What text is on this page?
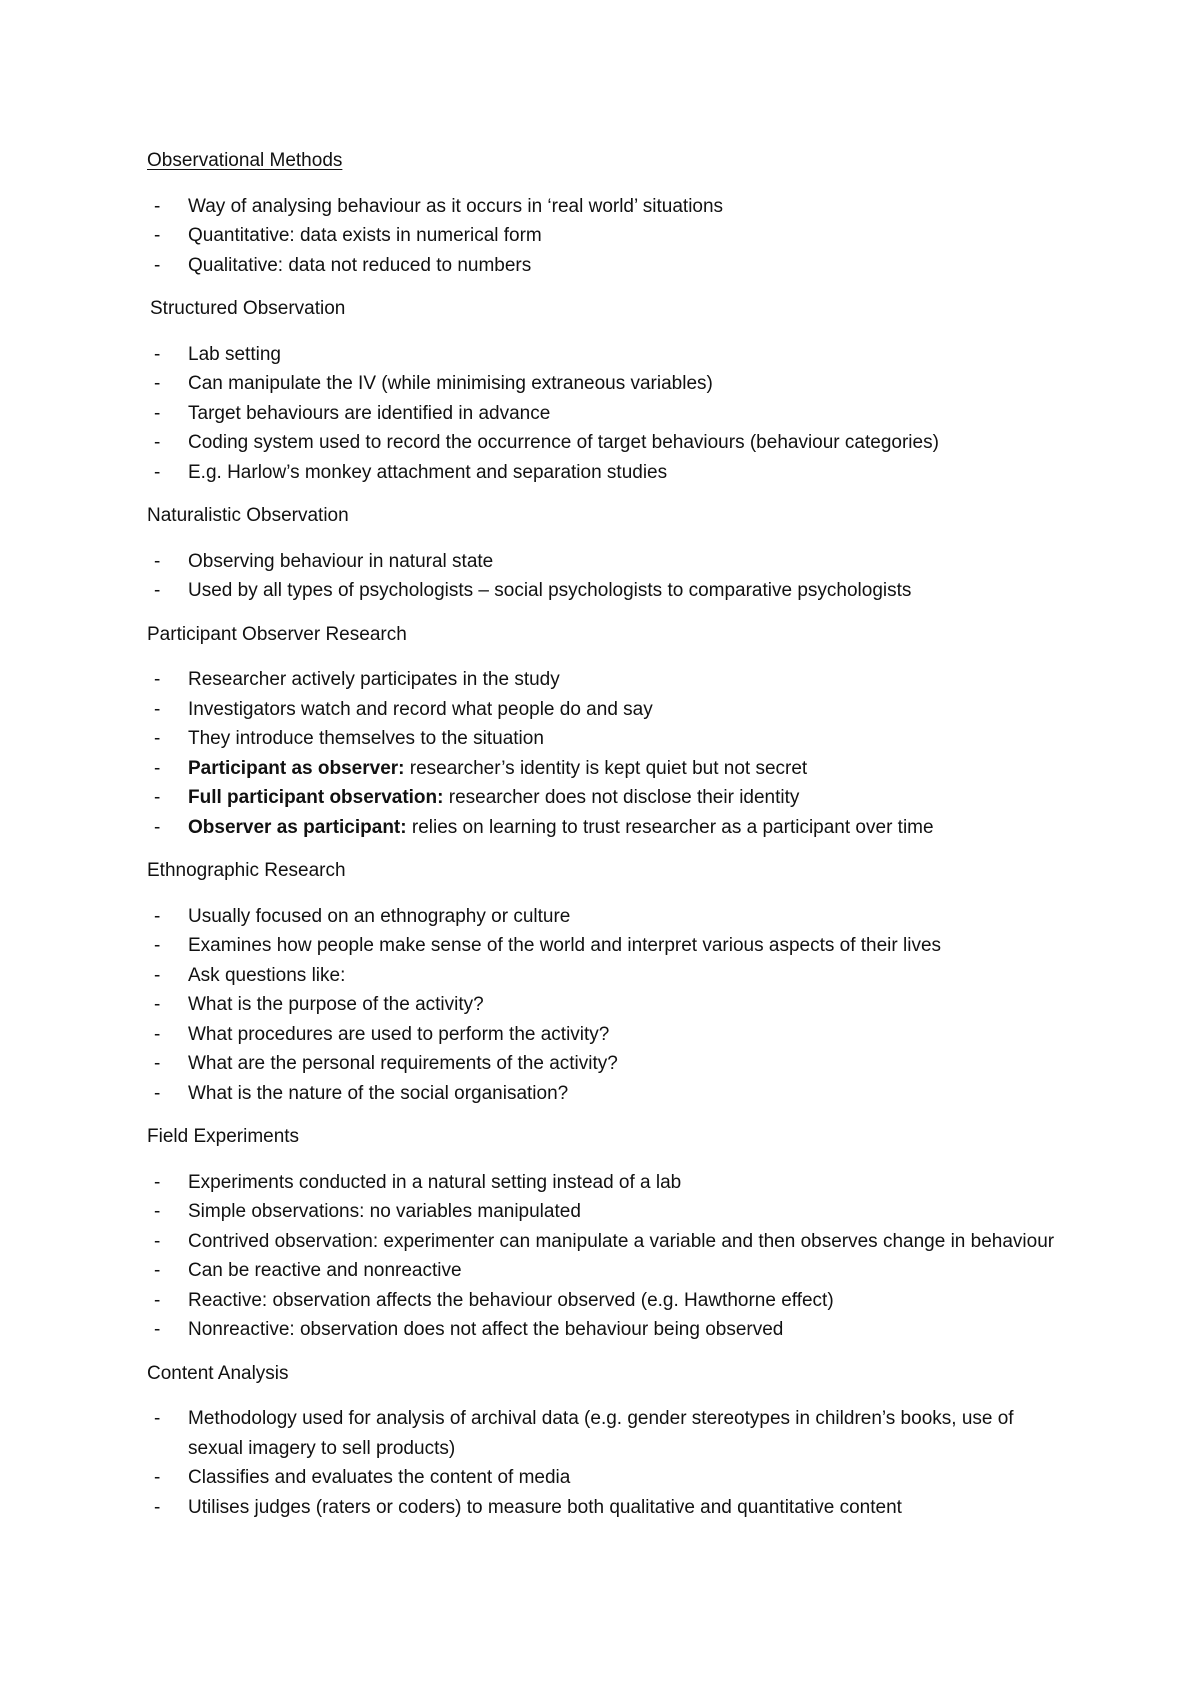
Observational Methods
- Way of analysing behaviour as it occurs in ‘real world’ situations
- Quantitative: data exists in numerical form
- Qualitative: data not reduced to numbers
Structured Observation
- Lab setting
- Can manipulate the IV (while minimising extraneous variables)
- Target behaviours are identified in advance
- Coding system used to record the occurrence of target behaviours (behaviour categories)
- E.g. Harlow’s monkey attachment and separation studies
Naturalistic Observation
- Observing behaviour in natural state
- Used by all types of psychologists – social psychologists to comparative psychologists
Participant Observer Research
- Researcher actively participates in the study
- Investigators watch and record what people do and say
- They introduce themselves to the situation
- Participant as observer: researcher’s identity is kept quiet but not secret
- Full participant observation: researcher does not disclose their identity
- Observer as participant: relies on learning to trust researcher as a participant over time
Ethnographic Research
- Usually focused on an ethnography or culture
- Examines how people make sense of the world and interpret various aspects of their lives
- Ask questions like:
- What is the purpose of the activity?
- What procedures are used to perform the activity?
- What are the personal requirements of the activity?
- What is the nature of the social organisation?
Field Experiments
- Experiments conducted in a natural setting instead of a lab
- Simple observations: no variables manipulated
- Contrived observation: experimenter can manipulate a variable and then observes change in behaviour
- Can be reactive and nonreactive
- Reactive: observation affects the behaviour observed (e.g. Hawthorne effect)
- Nonreactive: observation does not affect the behaviour being observed
Content Analysis
- Methodology used for analysis of archival data (e.g. gender stereotypes in children’s books, use of sexual imagery to sell products)
- Classifies and evaluates the content of media
- Utilises judges (raters or coders) to measure both qualitative and quantitative content
